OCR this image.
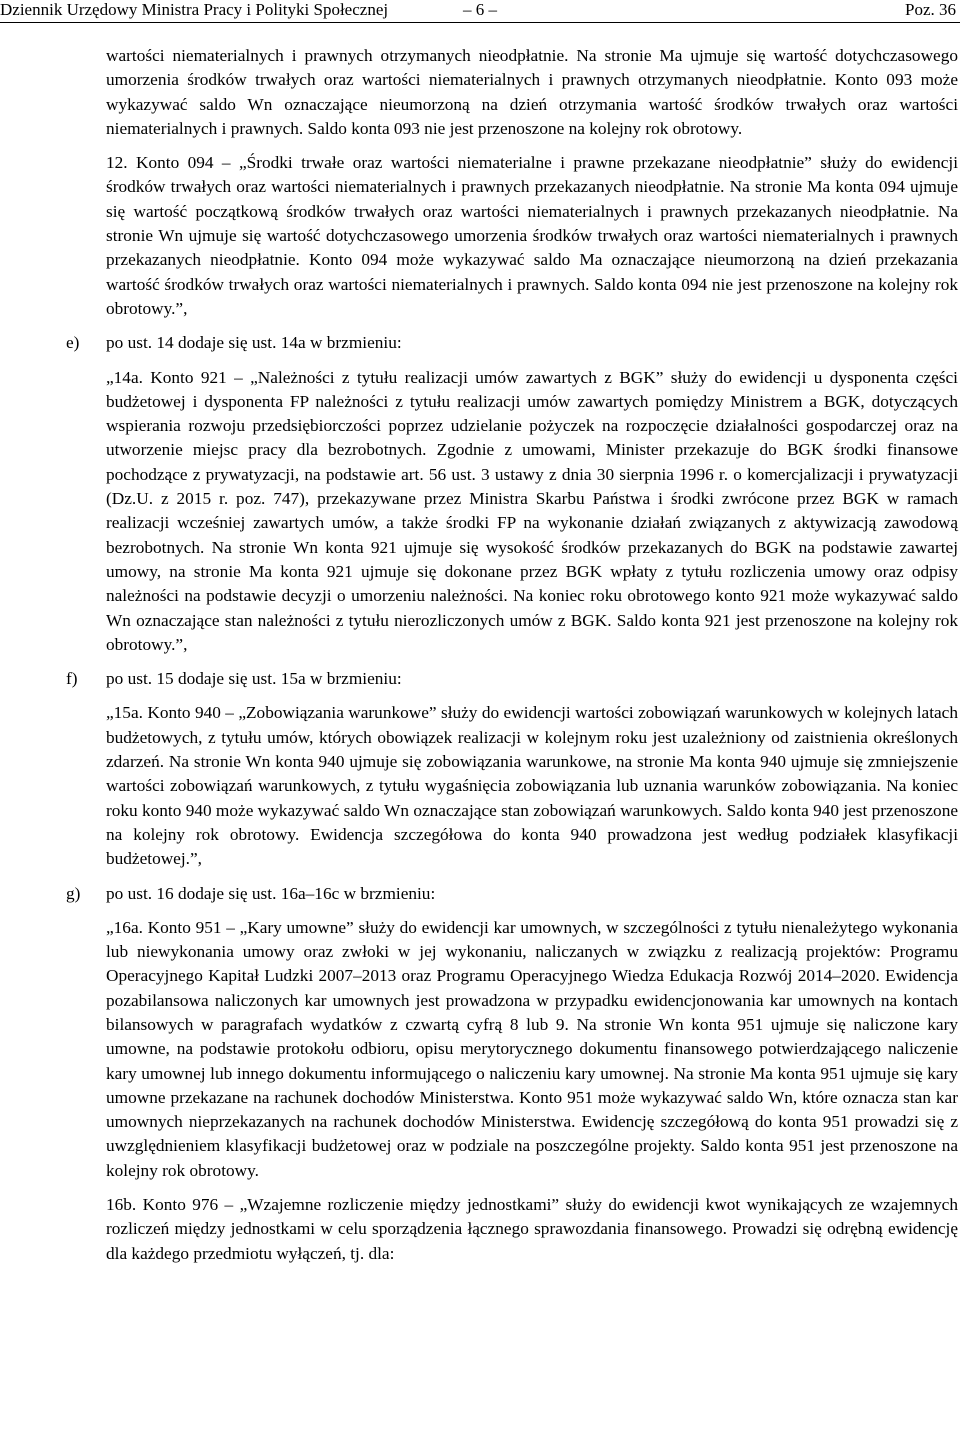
Dziennik Urzędowy Ministra Pracy i Polityki Społecznej	– 6 –	Poz. 36

wartości niematerialnych i prawnych otrzymanych nieodpłatnie. Na stronie Ma ujmuje się wartość dotychczasowego umorzenia środków trwałych oraz wartości niematerialnych i prawnych otrzymanych nieodpłatnie. Konto 093 może wykazywać saldo Wn oznaczające nieumorzoną na dzień otrzymania wartość środków trwałych oraz wartości niematerialnych i prawnych. Saldo konta 093 nie jest przenoszone na kolejny rok obrotowy.

12. Konto 094 – „Środki trwałe oraz wartości niematerialne i prawne przekazane nieodpłatnie” służy do ewidencji środków trwałych oraz wartości niematerialnych i prawnych przekazanych nieodpłatnie. Na stronie Ma konta 094 ujmuje się wartość początkową środków trwałych oraz wartości niematerialnych i prawnych przekazanych nieodpłatnie. Na stronie Wn ujmuje się wartość dotychczasowego umorzenia środków trwałych oraz wartości niematerialnych i prawnych przekazanych nieodpłatnie. Konto 094 może wykazywać saldo Ma oznaczające nieumorzoną na dzień przekazania wartość środków trwałych oraz wartości niematerialnych i prawnych. Saldo konta 094 nie jest przenoszone na kolejny rok obrotowy.”,

e) po ust. 14 dodaje się ust. 14a w brzmieniu:

„14a. Konto 921 – „Należności z tytułu realizacji umów zawartych z BGK” służy do ewidencji u dysponenta części budżetowej i dysponenta FP należności z tytułu realizacji umów zawartych pomiędzy Ministrem a BGK, dotyczących wspierania rozwoju przedsiębiorczości poprzez udzielanie pożyczek na rozpoczęcie działalności gospodarczej oraz na utworzenie miejsc pracy dla bezrobotnych. Zgodnie z umowami, Minister przekazuje do BGK środki finansowe pochodzące z prywatyzacji, na podstawie art. 56 ust. 3 ustawy z dnia 30 sierpnia 1996 r. o komercjalizacji i prywatyzacji (Dz.U. z 2015 r. poz. 747), przekazywane przez Ministra Skarbu Państwa i środki zwrócone przez BGK w ramach realizacji wcześniej zawartych umów, a także środki FP na wykonanie działań związanych z aktywizacją zawodową bezrobotnych. Na stronie Wn konta 921 ujmuje się wysokość środków przekazanych do BGK na podstawie zawartej umowy, na stronie Ma konta 921 ujmuje się dokonane przez BGK wpłaty z tytułu rozliczenia umowy oraz odpisy należności na podstawie decyzji o umorzeniu należności. Na koniec roku obrotowego konto 921 może wykazywać saldo Wn oznaczające stan należności z tytułu nierozliczonych umów z BGK. Saldo konta 921 jest przenoszone na kolejny rok obrotowy.”,

f) po ust. 15 dodaje się ust. 15a w brzmieniu:

„15a. Konto 940 – „Zobowiązania warunkowe” służy do ewidencji wartości zobowiązań warunkowych w kolejnych latach budżetowych, z tytułu umów, których obowiązek realizacji w kolejnym roku jest uzależniony od zaistnienia określonych zdarzeń. Na stronie Wn konta 940 ujmuje się zobowiązania warunkowe, na stronie Ma konta 940 ujmuje się zmniejszenie wartości zobowiązań warunkowych, z tytułu wygaśnięcia zobowiązania lub uznania warunków zobowiązania. Na koniec roku konto 940 może wykazywać saldo Wn oznaczające stan zobowiązań warunkowych. Saldo konta 940 jest przenoszone na kolejny rok obrotowy. Ewidencja szczegółowa do konta 940 prowadzona jest według podziałek klasyfikacji budżetowej.”,

g) po ust. 16 dodaje się ust. 16a–16c w brzmieniu:

„16a. Konto 951 – „Kary umowne” służy do ewidencji kar umownych, w szczególności z tytułu nienależytego wykonania lub niewykonania umowy oraz zwłoki w jej wykonaniu, naliczanych w związku z realizacją projektów: Programu Operacyjnego Kapitał Ludzki 2007–2013 oraz Programu Operacyjnego Wiedza Edukacja Rozwój 2014–2020. Ewidencja pozabilansowa naliczonych kar umownych jest prowadzona w przypadku ewidencjonowania kar umownych na kontach bilansowych w paragrafach wydatków z czwartą cyfrą 8 lub 9. Na stronie Wn konta 951 ujmuje się naliczone kary umowne, na podstawie protokołu odbioru, opisu merytorycznego dokumentu finansowego potwierdzającego naliczenie kary umownej lub innego dokumentu informującego o naliczeniu kary umownej. Na stronie Ma konta 951 ujmuje się kary umowne przekazane na rachunek dochodów Ministerstwa. Konto 951 może wykazywać saldo Wn, które oznacza stan kar umownych nieprzekazanych na rachunek dochodów Ministerstwa. Ewidencję szczegółową do konta 951 prowadzi się z uwzględnieniem klasyfikacji budżetowej oraz w podziale na poszczególne projekty. Saldo konta 951 jest przenoszone na kolejny rok obrotowy.

16b. Konto 976 – „Wzajemne rozliczenie między jednostkami” służy do ewidencji kwot wynikających ze wzajemnych rozliczeń między jednostkami w celu sporządzenia łącznego sprawozdania finansowego. Prowadzi się odrębną ewidencję dla każdego przedmiotu wyłączeń, tj. dla:
